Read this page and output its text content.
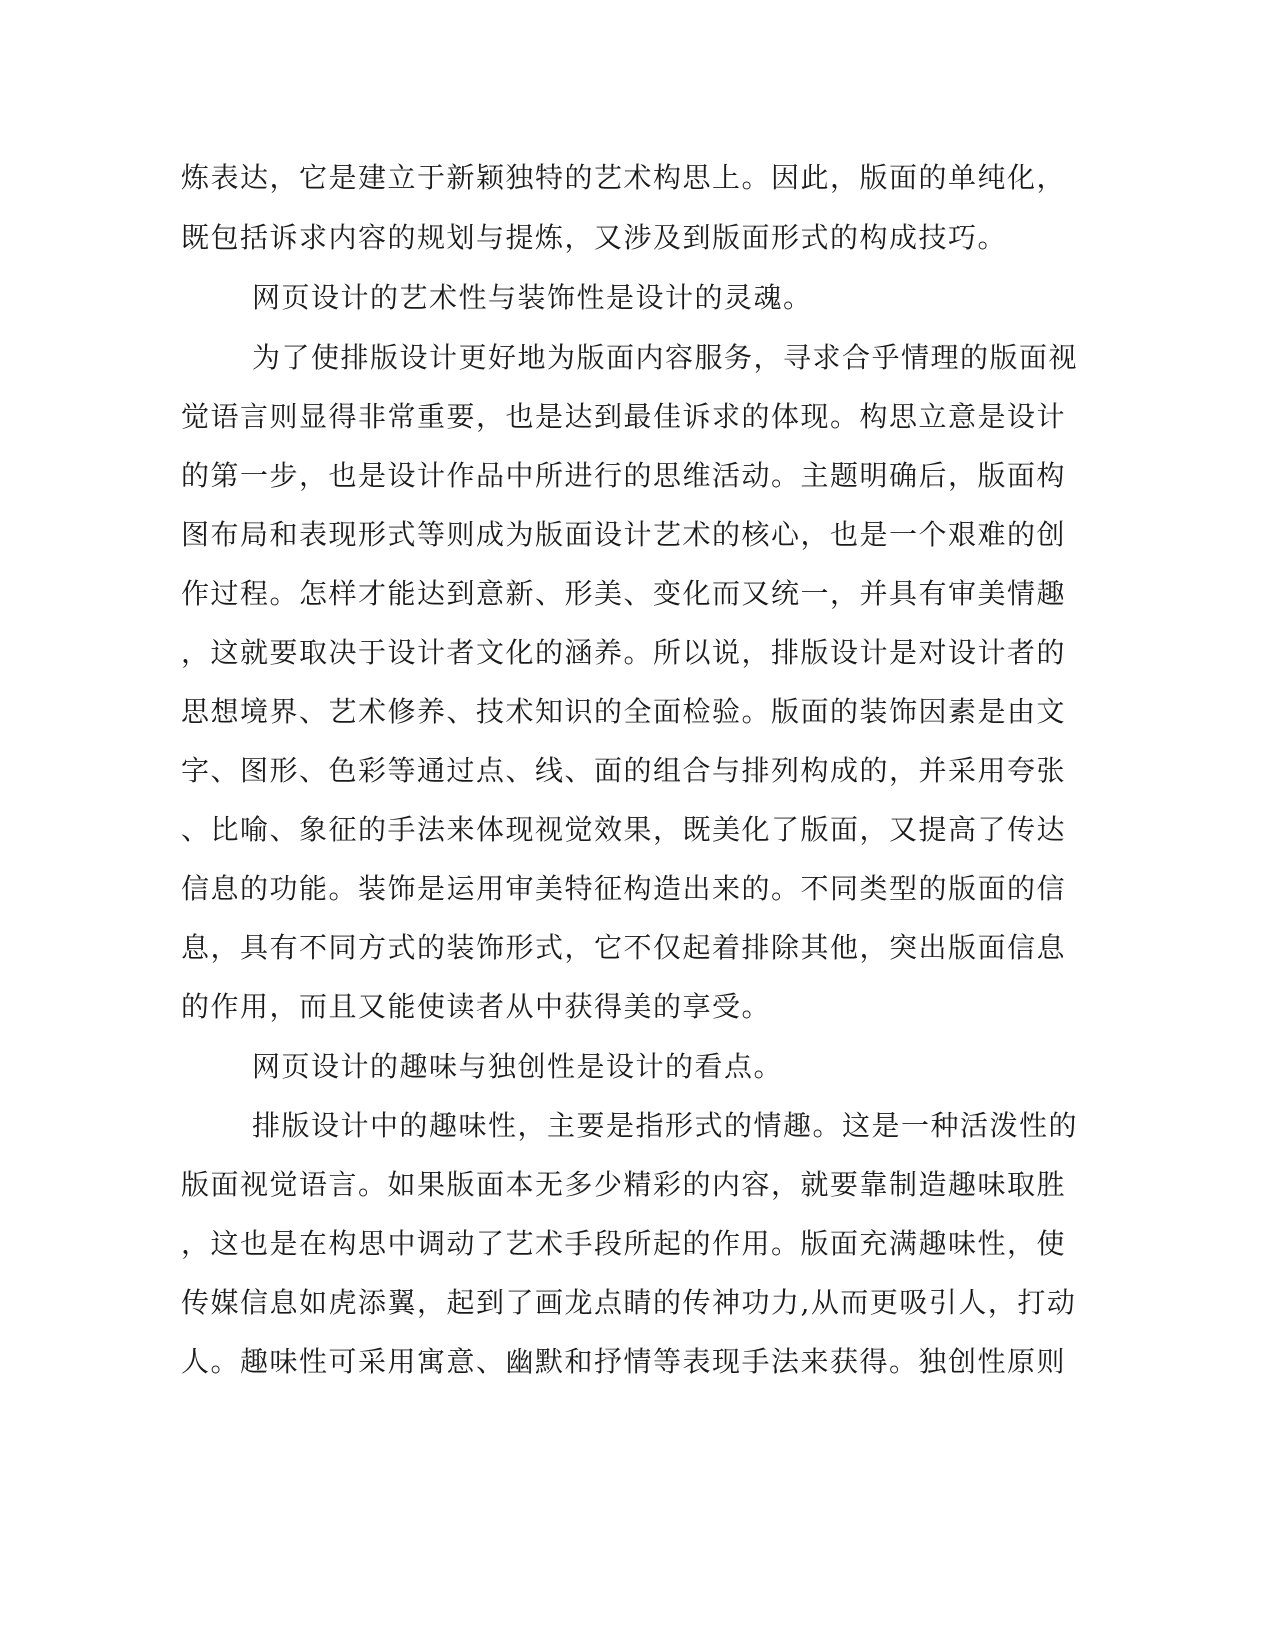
炼表达，它是建立于新颖独特的艺术构思上。因此，版面的单纯化，
既包括诉求内容的规划与提炼，又涉及到版面形式的构成技巧。
网页设计的艺术性与装饰性是设计的灵魂。
为了使排版设计更好地为版面内容服务，寻求合乎情理的版面视
觉语言则显得非常重要，也是达到最佳诉求的体现。构思立意是设计
的第一步，也是设计作品中所进行的思维活动。主题明确后，版面构
图布局和表现形式等则成为版面设计艺术的核心，也是一个艰难的创
作过程。怎样才能达到意新、形美、变化而又统一，并具有审美情趣
，这就要取决于设计者文化的涵养。所以说，排版设计是对设计者的
思想境界、艺术修养、技术知识的全面检验。版面的装饰因素是由文
字、图形、色彩等通过点、线、面的组合与排列构成的，并采用夸张
、比喻、象征的手法来体现视觉效果，既美化了版面，又提高了传达
信息的功能。装饰是运用审美特征构造出来的。不同类型的版面的信
息，具有不同方式的装饰形式，它不仅起着排除其他，突出版面信息
的作用，而且又能使读者从中获得美的享受。
网页设计的趣味与独创性是设计的看点。
排版设计中的趣味性，主要是指形式的情趣。这是一种活泼性的
版面视觉语言。如果版面本无多少精彩的内容，就要靠制造趣味取胜
，这也是在构思中调动了艺术手段所起的作用。版面充满趣味性，使
传媒信息如虎添翼，起到了画龙点睛的传神功力,从而更吸引人，打动
人。趣味性可采用寓意、幽默和抒情等表现手法来获得。独创性原则
